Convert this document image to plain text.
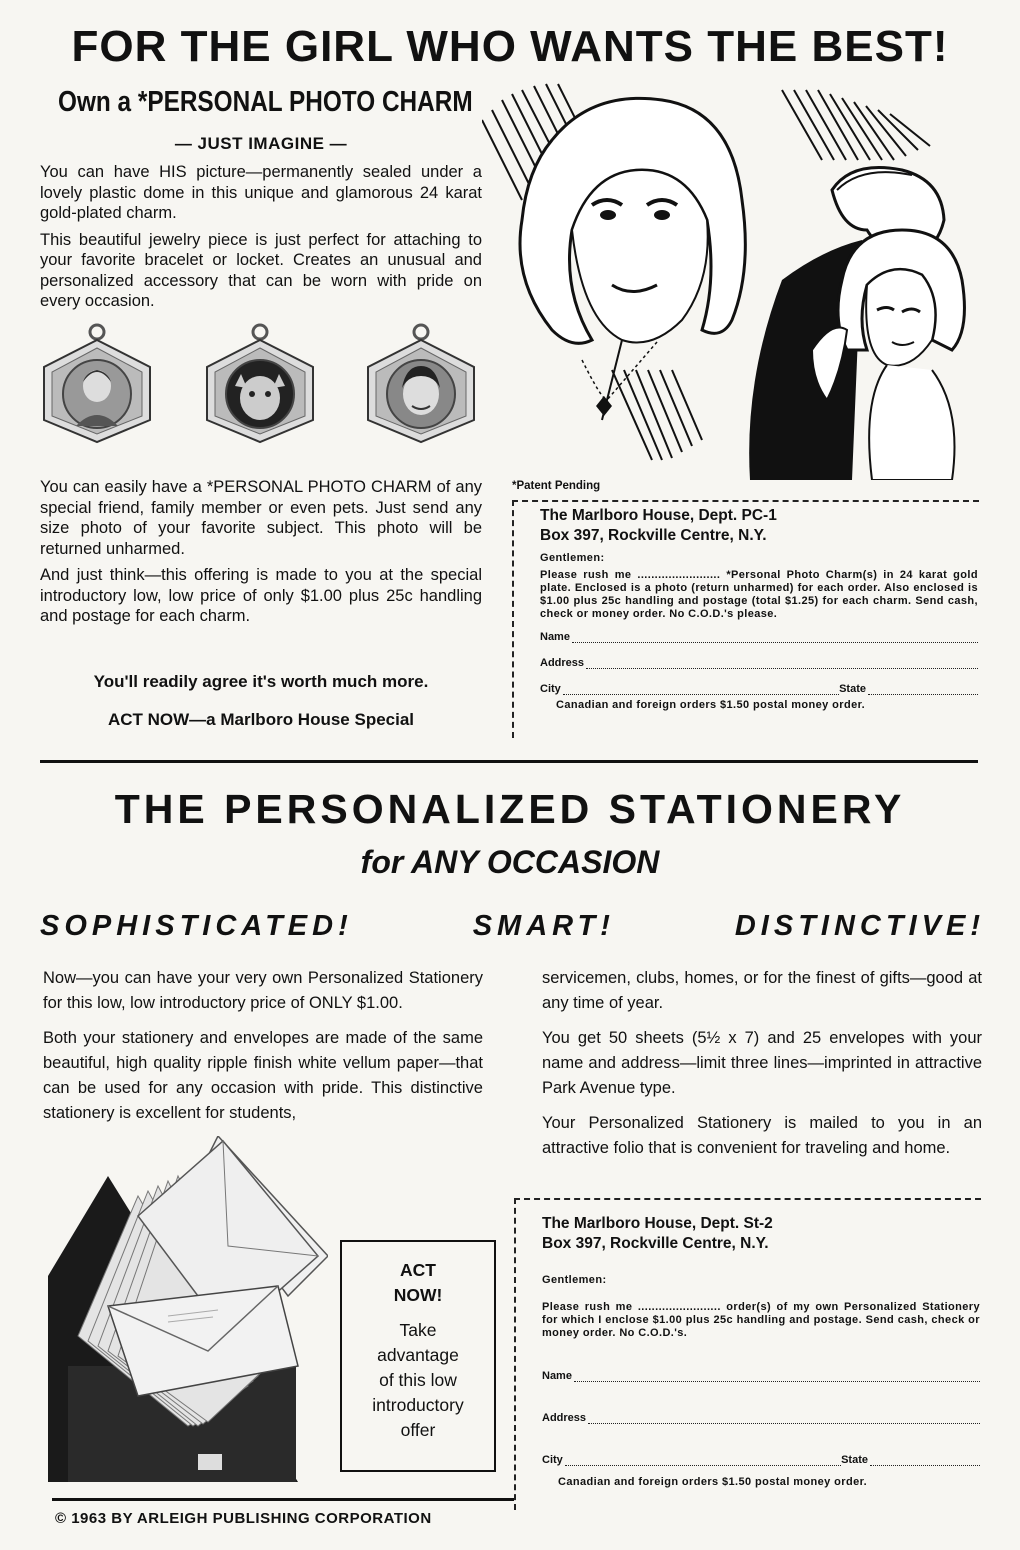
FOR THE GIRL WHO WANTS THE BEST!
Own a *PERSONAL PHOTO CHARM
— JUST IMAGINE —

You can have HIS picture—permanently sealed under a lovely plastic dome in this unique and glamorous 24 karat gold-plated charm.

This beautiful jewelry piece is just perfect for attaching to your favorite bracelet or locket. Creates an unusual and personalized accessory that can be worn with pride on every occasion.

You can easily have a *PERSONAL PHOTO CHARM of any special friend, family member or even pets. Just send any size photo of your favorite subject. This photo will be returned unharmed.

And just think—this offering is made to you at the special introductory low, low price of only $1.00 plus 25c handling and postage for each charm.

You'll readily agree it's worth much more.
ACT NOW—a Marlboro House Special
*Patent Pending
The Marlboro House, Dept. PC-1
Box 397, Rockville Centre, N.Y.
Gentlemen:
Please rush me ........................ *Personal Photo Charm(s) in 24 karat gold plate. Enclosed is a photo (return unharmed) for each order. Also enclosed is $1.00 plus 25c handling and postage (total $1.25) for each charm. Send cash, check or money order. No C.O.D.'s please.
Name
Address
City	State
Canadian and foreign orders $1.50 postal money order.
THE PERSONALIZED STATIONERY
for ANY OCCASION
SOPHISTICATED!	SMART!	DISTINCTIVE!

Now—you can have your very own Personalized Stationery for this low, low introductory price of ONLY $1.00.

Both your stationery and envelopes are made of the same beautiful, high quality ripple finish white vellum paper—that can be used for any occasion with pride. This distinctive stationery is excellent for students,

servicemen, clubs, homes, or for the finest of gifts—good at any time of year.

You get 50 sheets (5½ x 7) and 25 envelopes with your name and address—limit three lines—imprinted in attractive Park Avenue type.

Your Personalized Stationery is mailed to you in an attractive folio that is convenient for traveling and home.

ACT
NOW!
Take
advantage
of this low
introductory
offer
The Marlboro House, Dept. St-2
Box 397, Rockville Centre, N.Y.
Gentlemen:
Please rush me ........................ order(s) of my own Personalized Stationery for which I enclose $1.00 plus 25c handling and postage. Send cash, check or money order. No C.O.D.'s.
Name
Address
City	State
Canadian and foreign orders $1.50 postal money order.
© 1963 BY ARLEIGH PUBLISHING CORPORATION
